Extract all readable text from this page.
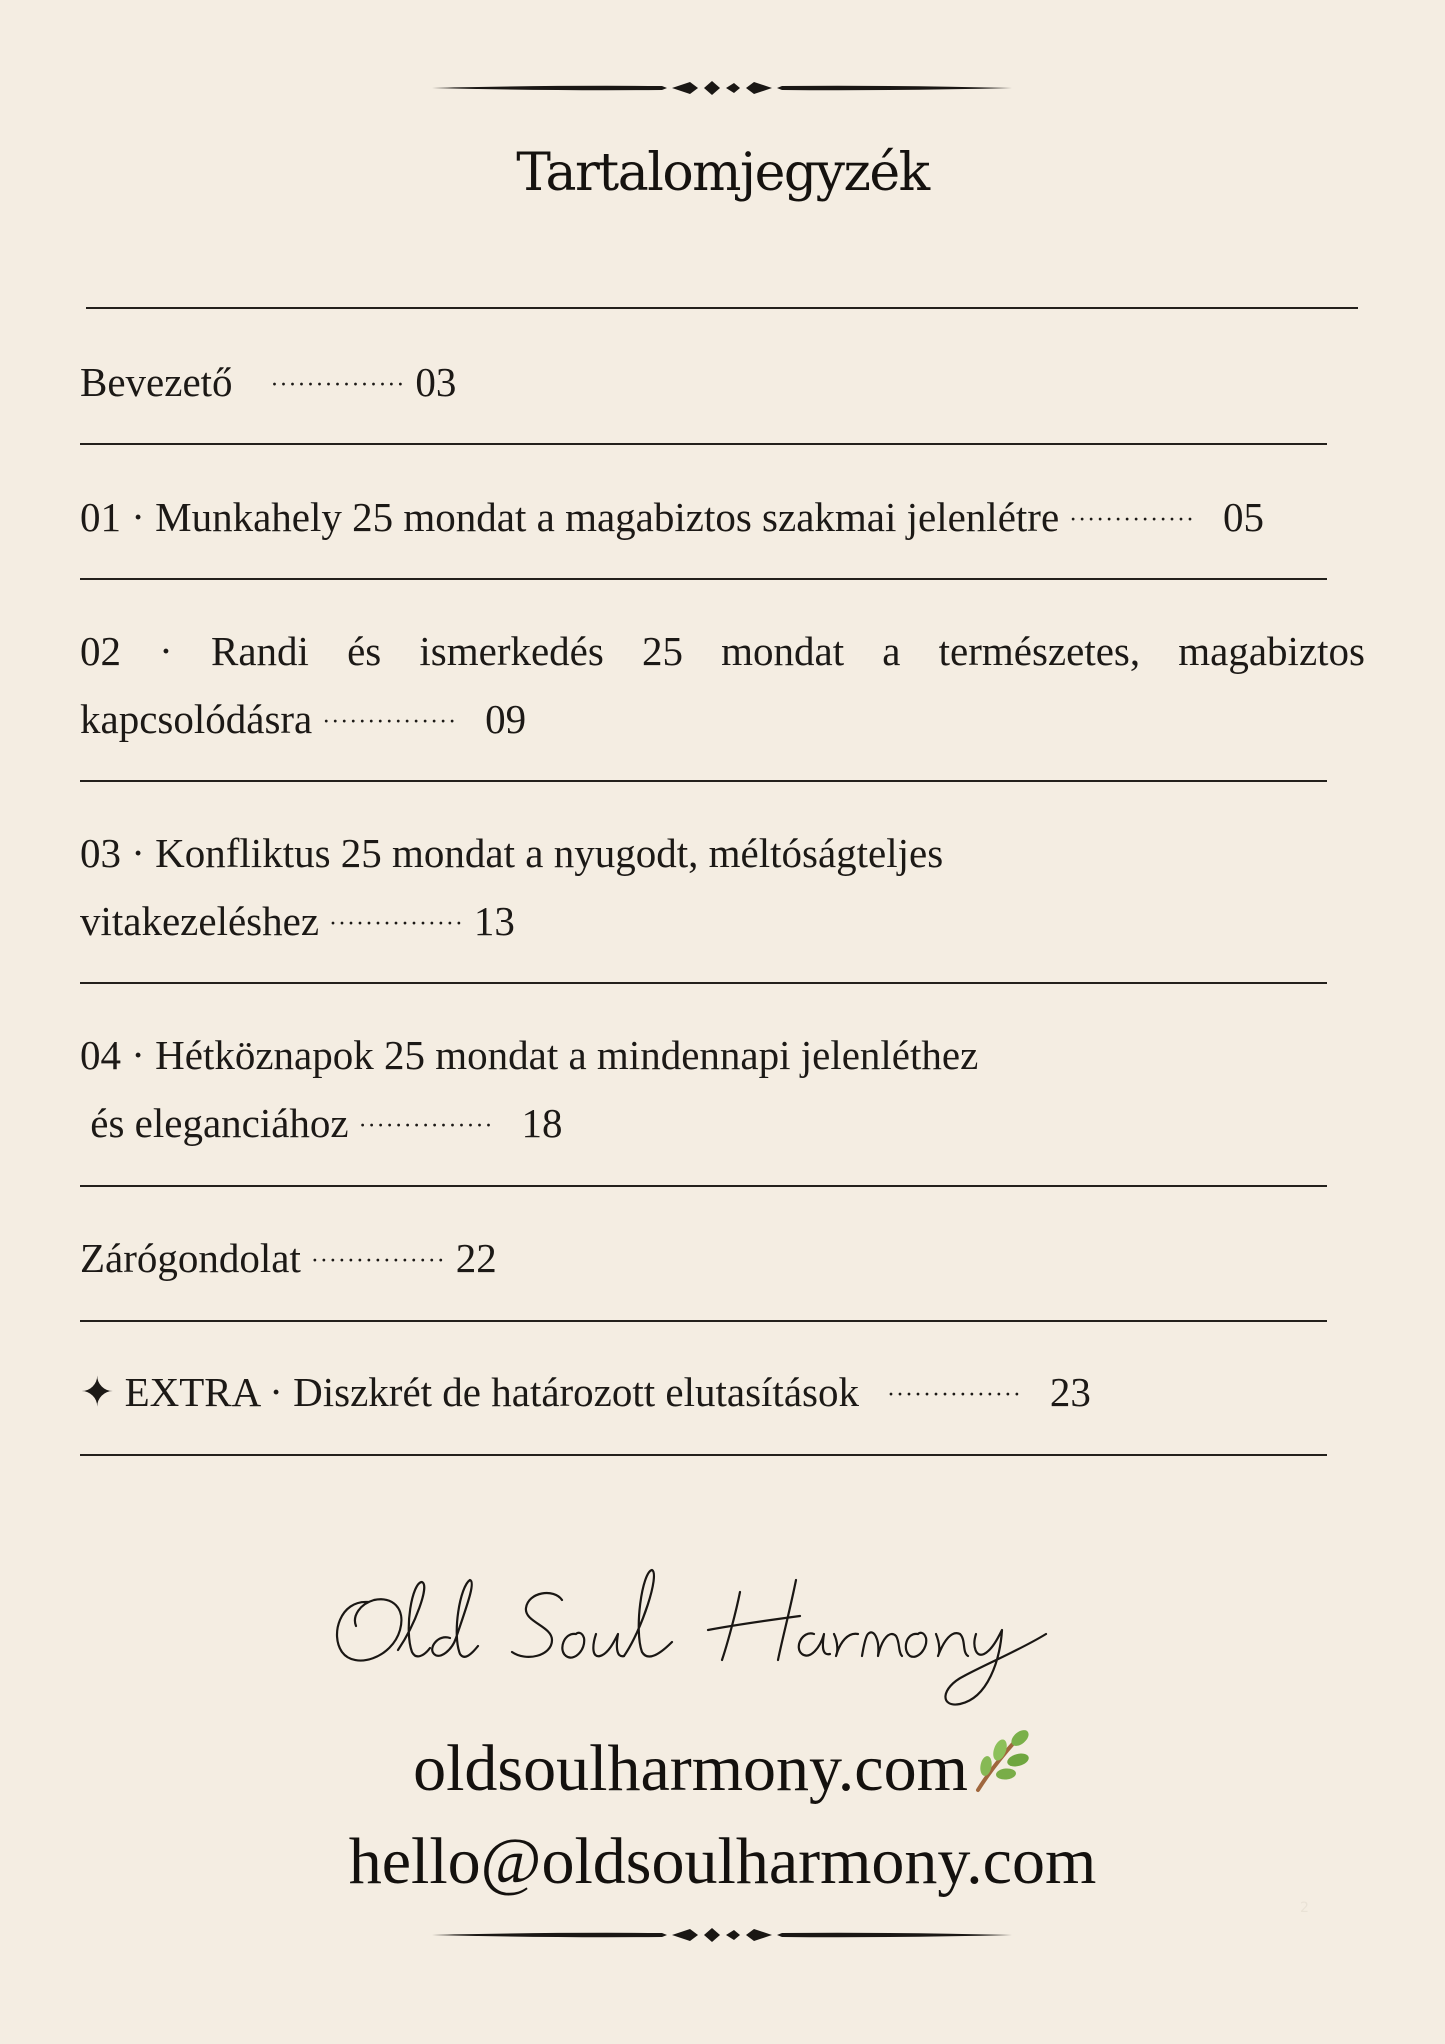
Tartalomjegyzék
Bevezető ··············· 03
01 · Munkahely 25 mondat a magabiztos szakmai jelenlétre ·············· 05
02 · Randi és ismerkedés 25 mondat a természetes, magabiztos
kapcsolódásra ··············· 09
03 · Konfliktus 25 mondat a nyugodt, méltóságteljes
vitakezeléshez ··············· 13
04 · Hétköznapok 25 mondat a mindennapi jelenléthez
és eleganciához ··············· 18
Zárógondolat ··············· 22
✦ EXTRA · Diszkrét de határozott elutasítások ··············· 23
oldsoulharmony.com
hello@oldsoulharmony.com
2
